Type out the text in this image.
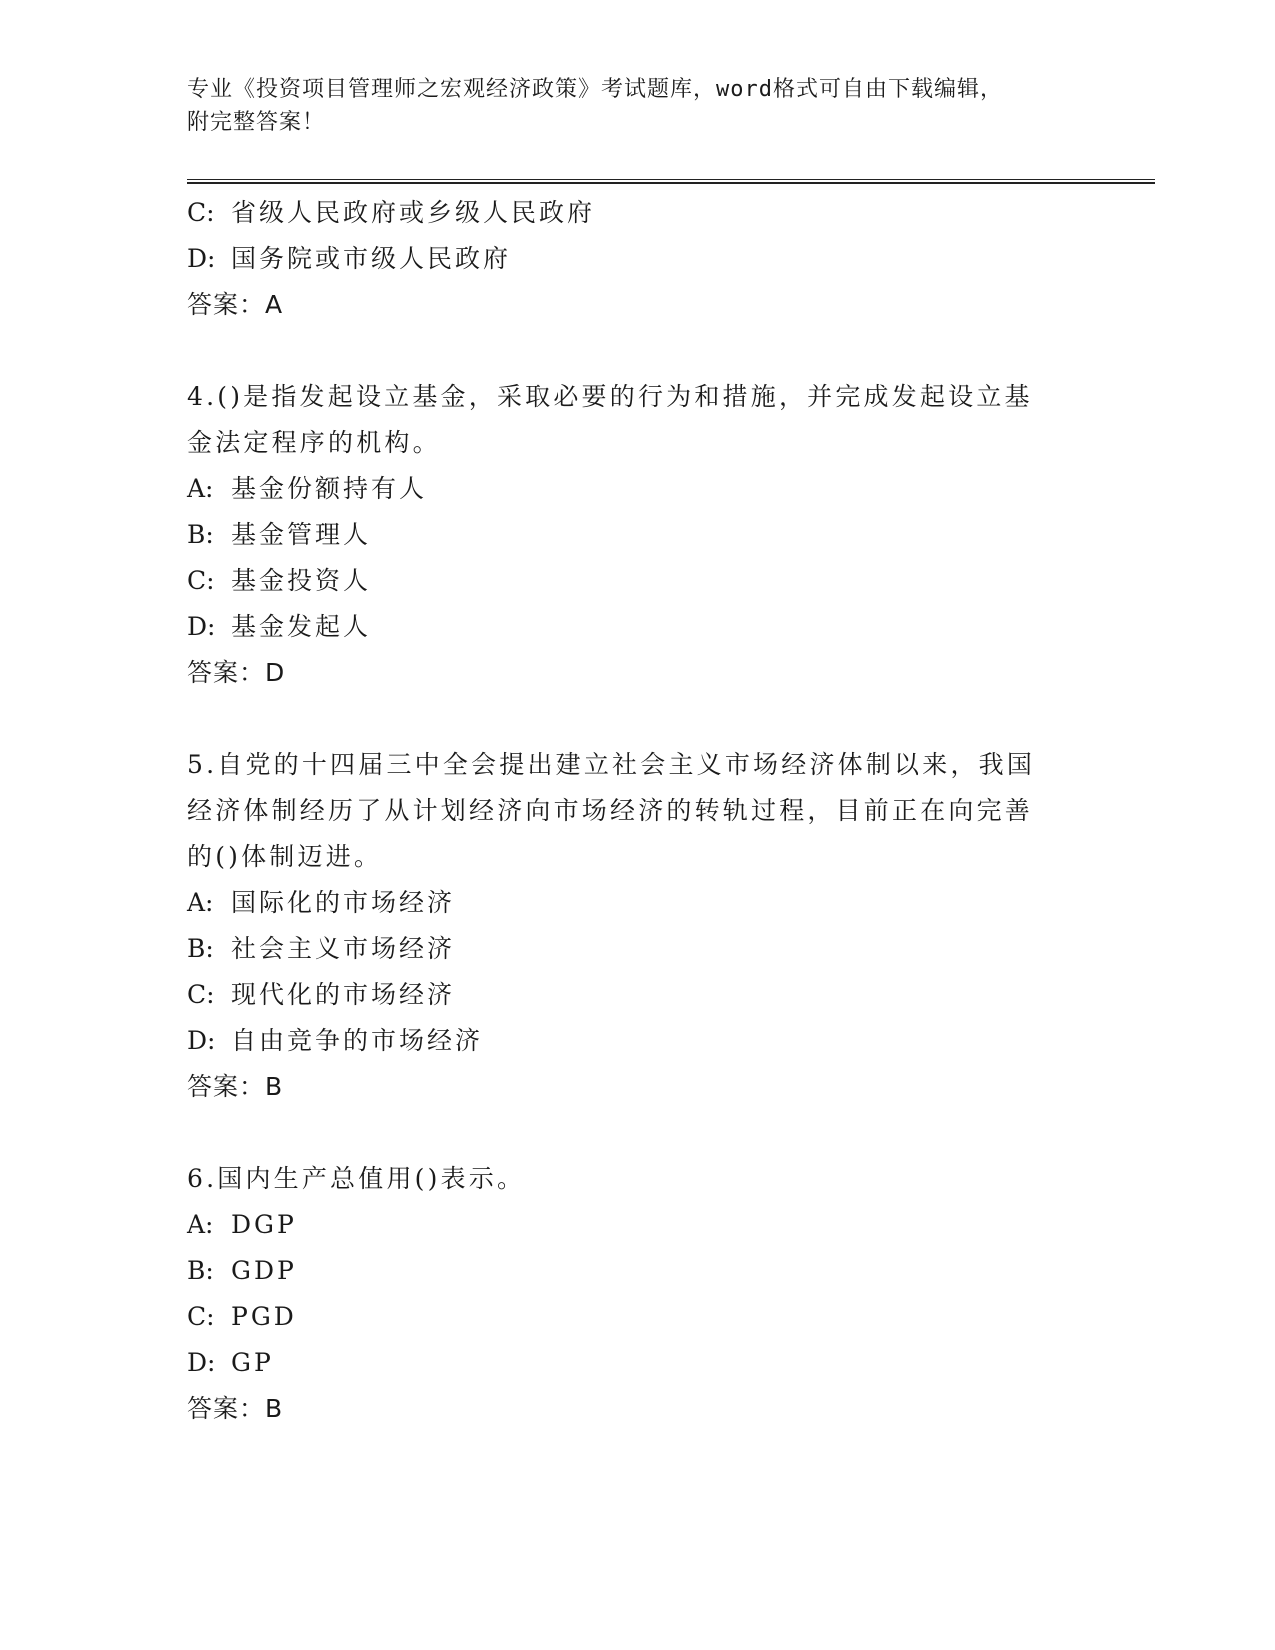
专业《投资项目管理师之宏观经济政策》考试题库，word格式可自由下载编辑，
附完整答案！
C: 省级人民政府或乡级人民政府
D: 国务院或市级人民政府
答案：A
4.()是指发起设立基金，采取必要的行为和措施，并完成发起设立基
金法定程序的机构。
A: 基金份额持有人
B: 基金管理人
C: 基金投资人
D: 基金发起人
答案：D
5.自党的十四届三中全会提出建立社会主义市场经济体制以来，我国
经济体制经历了从计划经济向市场经济的转轨过程，目前正在向完善
的()体制迈进。
A: 国际化的市场经济
B: 社会主义市场经济
C: 现代化的市场经济
D: 自由竞争的市场经济
答案：B
6.国内生产总值用()表示。
A: DGP
B: GDP
C: PGD
D: GP
答案：B
